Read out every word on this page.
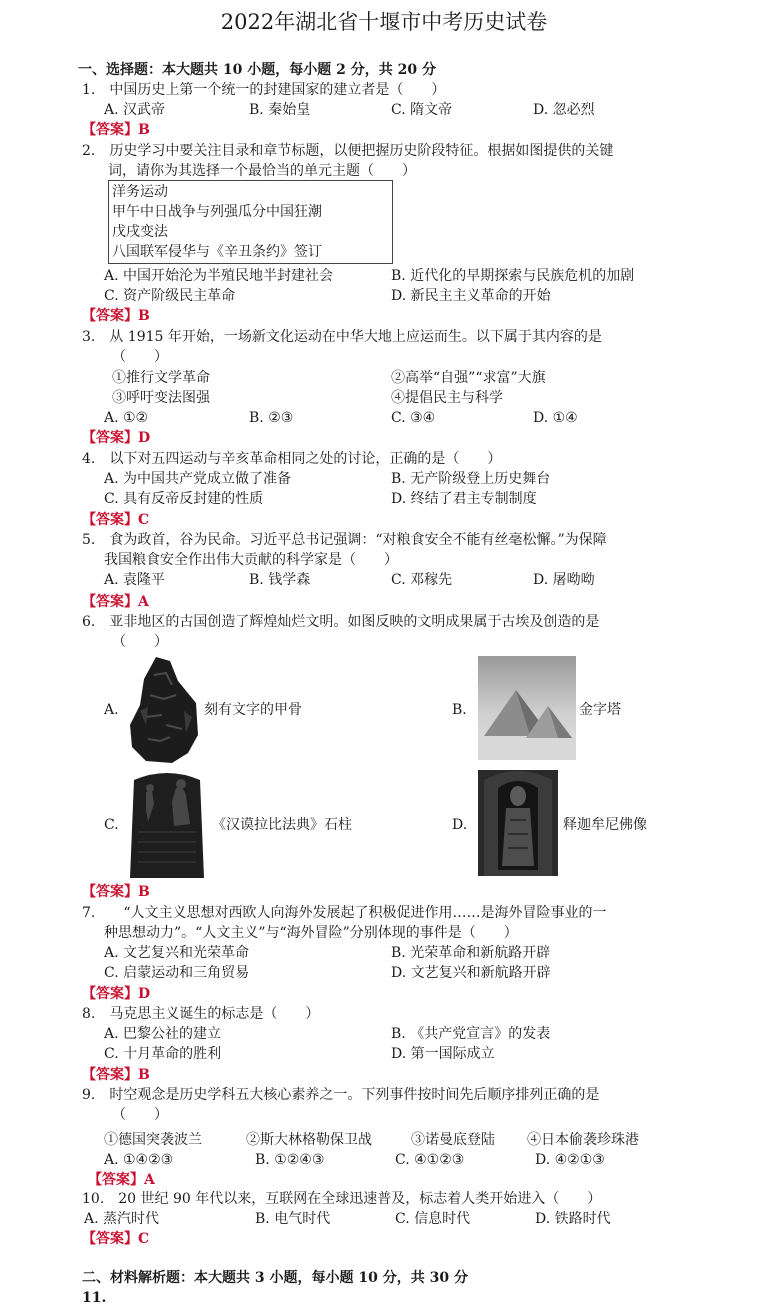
2022年湖北省十堰市中考历史试卷
一、选择题：本大题共 10 小题，每小题 2 分，共 20 分
1.　中国历史上第一个统一的封建国家的建立者是（　　）
A. 汉武帝	B. 秦始皇	C. 隋文帝	D. 忽必烈
【答案】B
2.　历史学习中要关注目录和章节标题，以便把握历史阶段特征。根据如图提供的关键
词，请你为其选择一个最恰当的单元主题（　　）
洋务运动
甲午中日战争与列强瓜分中国狂潮
戊戌变法
八国联军侵华与《辛丑条约》签订
A. 中国开始沦为半殖民地半封建社会	B. 近代化的早期探索与民族危机的加剧
C. 资产阶级民主革命	D. 新民主主义革命的开始
【答案】B
3.　从 1915 年开始，一场新文化运动在中华大地上应运而生。以下属于其内容的是
（　　）
①推行文学革命	②高举“自强”“求富”大旗
③呼吁变法图强	④提倡民主与科学
A. ①②	B. ②③	C. ③④	D. ①④
【答案】D
4.　以下对五四运动与辛亥革命相同之处的讨论，正确的是（　　）
A. 为中国共产党成立做了准备	B. 无产阶级登上历史舞台
C. 具有反帝反封建的性质	D. 终结了君主专制制度
【答案】C
5.　食为政首，谷为民命。习近平总书记强调：“对粮食安全不能有丝毫松懈。”为保障
我国粮食安全作出伟大贡献的科学家是（　　）
A. 袁隆平	B. 钱学森	C. 邓稼先	D. 屠呦呦
【答案】A
6.　亚非地区的古国创造了辉煌灿烂文明。如图反映的文明成果属于古埃及创造的是
（　　）
A.	刻有文字的甲骨	B.	金字塔
C.	《汉谟拉比法典》石柱	D.	释迦牟尼佛像
【答案】B
7.　　“人文主义思想对西欧人向海外发展起了积极促进作用……是海外冒险事业的一
种思想动力”。“人文主义”与“海外冒险”分别体现的事件是（　　）
A. 文艺复兴和光荣革命	B. 光荣革命和新航路开辟
C. 启蒙运动和三角贸易	D. 文艺复兴和新航路开辟
【答案】D
8.　马克思主义诞生的标志是（　　）
A. 巴黎公社的建立	B. 《共产党宣言》的发表
C. 十月革命的胜利	D. 第一国际成立
【答案】B
9.　时空观念是历史学科五大核心素养之一。下列事件按时间先后顺序排列正确的是
（　　）
①德国突袭波兰	②斯大林格勒保卫战	③诺曼底登陆 ④日本偷袭珍珠港
A. ①④②③	B. ①②④③	C. ④①②③	D. ④②①③
【答案】A
10.　20 世纪 90 年代以来，互联网在全球迅速普及，标志着人类开始进入（　　）
A. 蒸汽时代	B. 电气时代	C. 信息时代	D. 铁路时代
【答案】C
二、材料解析题：本大题共 3 小题，每小题 10 分，共 30 分
11.
